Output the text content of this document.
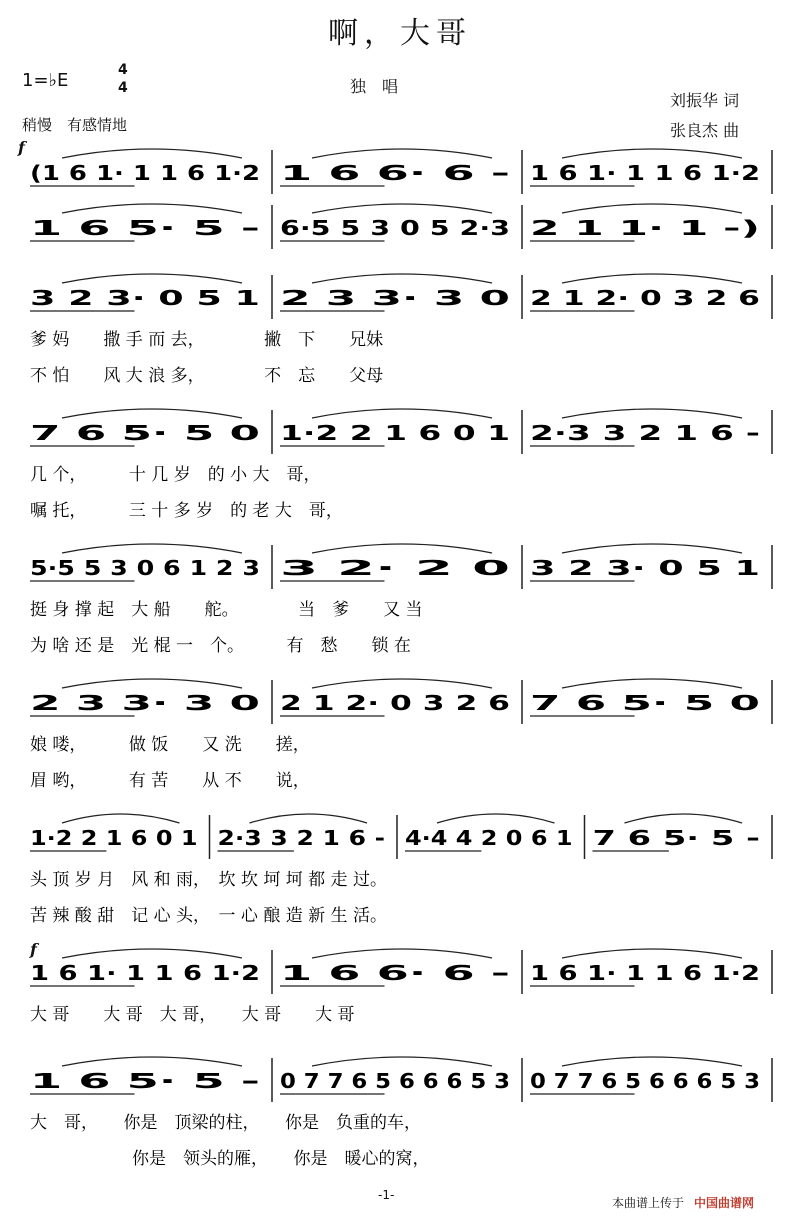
啊，大哥
1=♭E	4
4	独　唱
稍慢　有感情地
刘振华 词
张良杰 曲
(1 6 1· 1 1 6 1·2 1 6 6· 6 - 1 6 1· 1 1 6 1·2
1 6 5· 5 - 6·5 5 3 0 5 2·3 2 1 1· 1 -)
3 2 3· 0 5 1 2 3 3· 3 0 2 1 2· 0 3 2 6
爹 妈　　撒 手 而 去，　　　　撇　下　　兄妹
不 怕　　风 大 浪 多，　　　　不　忘　　父母
7 6 5· 5 0 1·2 2 1 6 0 1 2·3 3 2 1 6 -
几 个，　　　十 几 岁　的 小 大　哥，
嘱 托，　　　三 十 多 岁　的 老 大　哥，
5·5 5 3 0 6 1 2 3 3 2· 2 0 3 2 3· 0 5 1
挺 身 撑 起　大 船　　舵。　　　　当　爹　　又 当
为 啥 还 是　光 棍 一　个。　　　有　愁　　锁 在
2 3 3· 3 0 2 1 2· 0 3 2 6 7 6 5· 5 0
娘 喽，　　　做 饭　　又 洗　　搓，
眉 哟，　　　有 苦　　从 不　　说，
1·2 2 1 6 0 1 2·3 3 2 1 6 - 4·4 4 2 0 6 1 7 6 5· 5 -
头 顶 岁 月　风 和 雨，　坎 坎 坷 坷 都 走 过。
苦 辣 酸 甜　记 心 头，　一 心 酿 造 新 生 活。
1 6 1· 1 1 6 1·2 1 6 6· 6 - 1 6 1· 1 1 6 1·2
大 哥　　大 哥　大 哥，　　大 哥　　大 哥
1 6 5· 5 - 0 7 7 6 5 6 6 6 5 3 0 7 7 6 5 6 6 6 5 3
大　哥，　　你是　顶梁的柱，　　你是　负重的车，
　　　　　　你是　领头的雁，　　你是　暖心的窝，
f
f
-1-
本曲谱上传于 中国曲谱网
